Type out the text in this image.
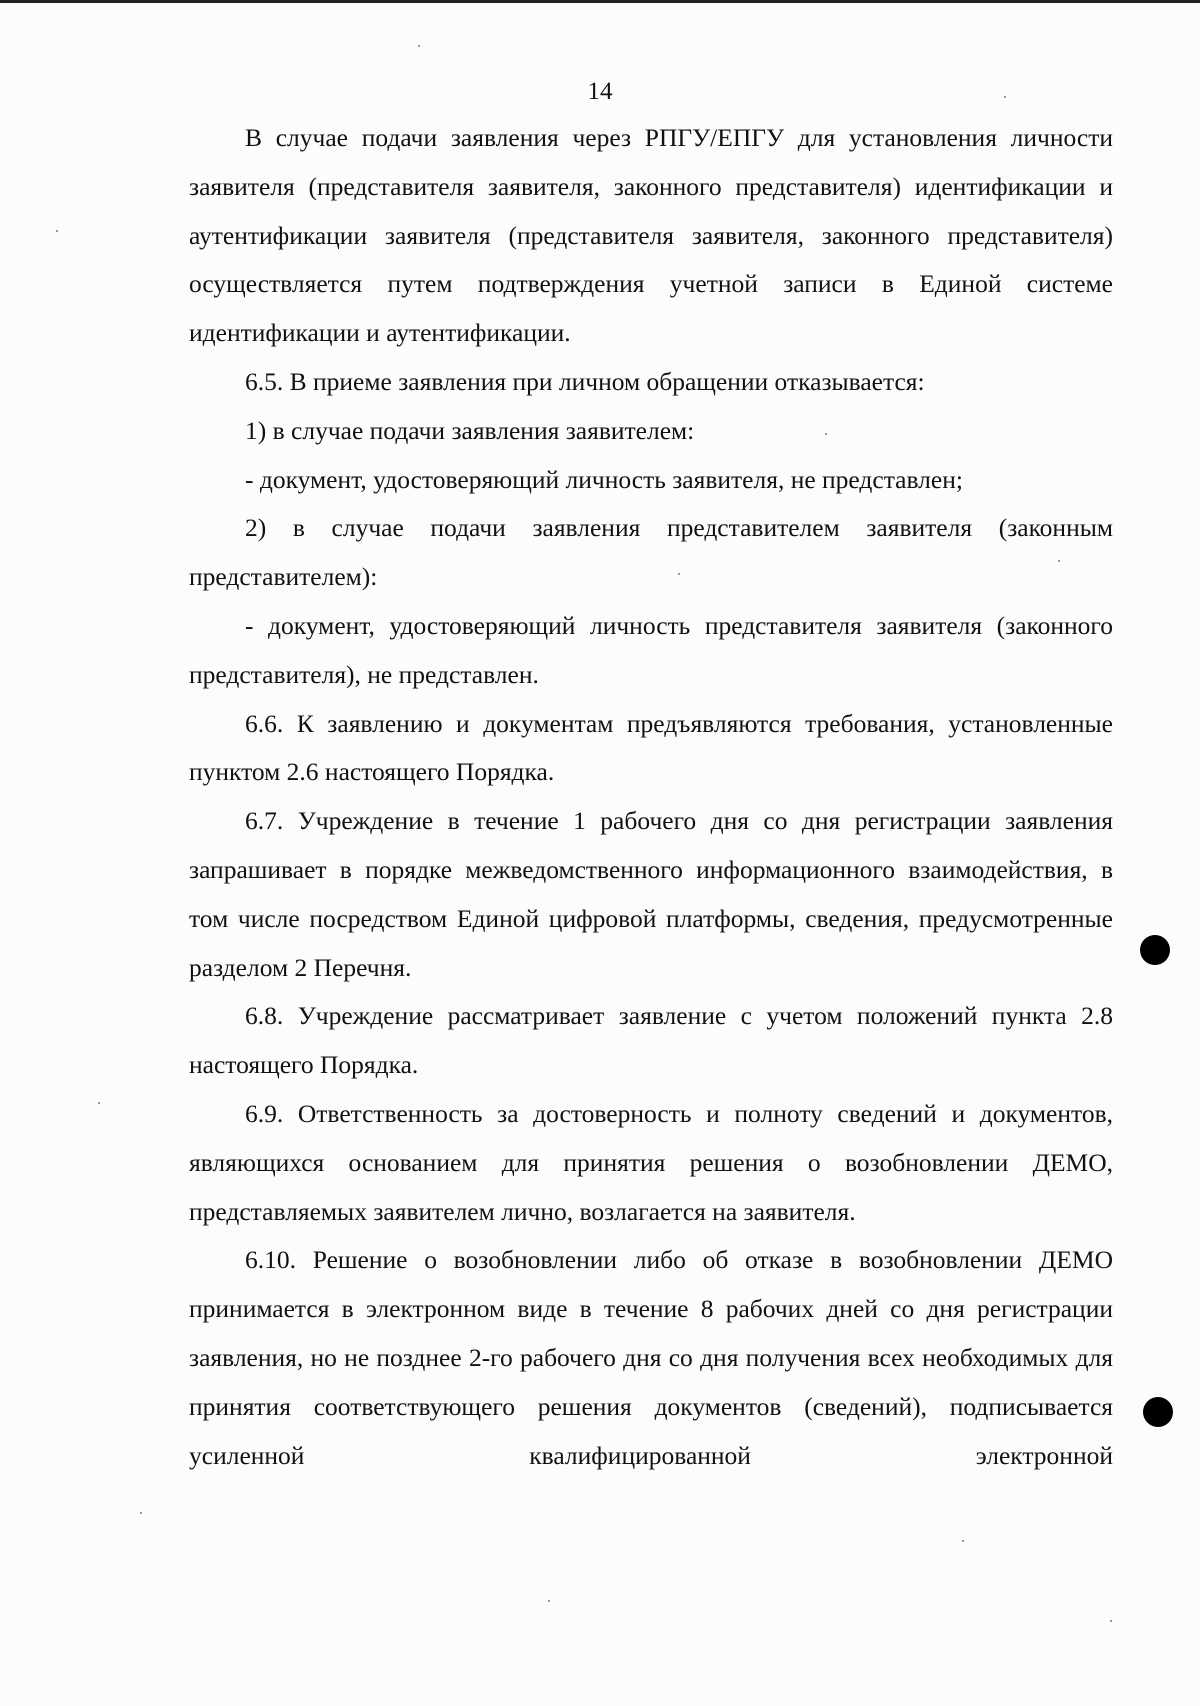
14

В случае подачи заявления через РПГУ/ЕПГУ для установления личности заявителя (представителя заявителя, законного представителя) идентификации и аутентификации заявителя (представителя заявителя, законного представителя) осуществляется путем подтверждения учетной записи в Единой системе идентификации и аутентификации.

6.5. В приеме заявления при личном обращении отказывается:

1) в случае подачи заявления заявителем:

- документ, удостоверяющий личность заявителя, не представлен;

2) в случае подачи заявления представителем заявителя (законным представителем):

- документ, удостоверяющий личность представителя заявителя (законного представителя), не представлен.

6.6. К заявлению и документам предъявляются требования, установленные пунктом 2.6 настоящего Порядка.

6.7. Учреждение в течение 1 рабочего дня со дня регистрации заявления запрашивает в порядке межведомственного информационного взаимодействия, в том числе посредством Единой цифровой платформы, сведения, предусмотренные разделом 2 Перечня.

6.8. Учреждение рассматривает заявление с учетом положений пункта 2.8 настоящего Порядка.

6.9. Ответственность за достоверность и полноту сведений и документов, являющихся основанием для принятия решения о возобновлении ДЕМО, представляемых заявителем лично, возлагается на заявителя.

6.10. Решение о возобновлении либо об отказе в возобновлении ДЕМО принимается в электронном виде в течение 8 рабочих дней со дня регистрации заявления, но не позднее 2-го рабочего дня со дня получения всех необходимых для принятия соответствующего решения документов (сведений), подписывается усиленной квалифицированной электронной
